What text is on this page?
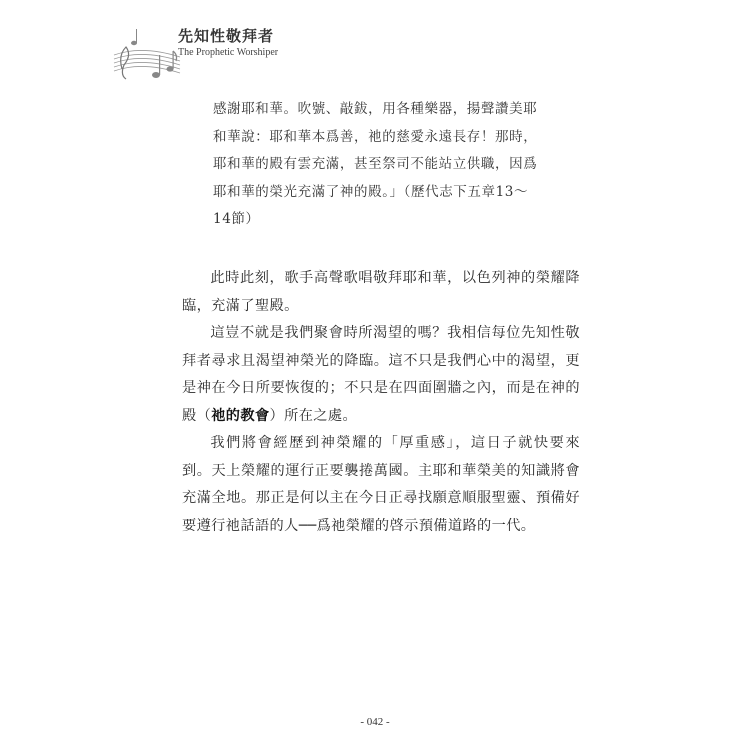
先知性敬拜者
The Prophetic Worshiper

感謝耶和華。吹號、敲鈸，用各種樂器，揚聲讚美耶

和華說：耶和華本爲善，祂的慈愛永遠長存！那時，

耶和華的殿有雲充滿，甚至祭司不能站立供職，因爲

耶和華的榮光充滿了神的殿。」（歷代志下五章13～

14節）

此時此刻，歌手高聲歌唱敬拜耶和華，以色列神的榮耀降臨，充滿了聖殿。

這豈不就是我們聚會時所渴望的嗎？我相信每位先知性敬拜者尋求且渴望神榮光的降臨。這不只是我們心中的渴望，更是神在今日所要恢復的；不只是在四面圍牆之內，而是在神的殿（祂的教會）所在之處。

我們將會經歷到神榮耀的「厚重感」，這日子就快要來到。天上榮耀的運行正要襲捲萬國。主耶和華榮美的知識將會充滿全地。那正是何以主在今日正尋找願意順服聖靈、預備好要遵行祂話語的人──爲祂榮耀的啓示預備道路的一代。

- 042 -
